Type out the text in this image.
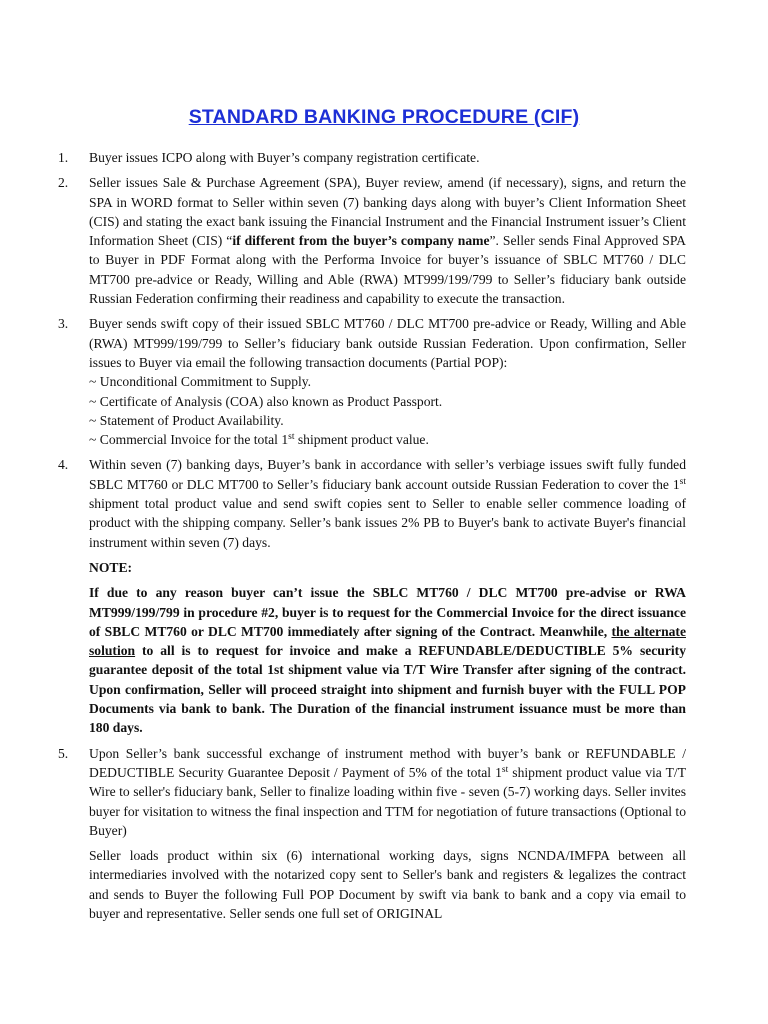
STANDARD BANKING PROCEDURE (CIF)
1.	Buyer issues ICPO along with Buyer’s company registration certificate.
2.	Seller issues Sale & Purchase Agreement (SPA), Buyer review, amend (if necessary), signs, and return the SPA in WORD format to Seller within seven (7) banking days along with buyer’s Client Information Sheet (CIS) and stating the exact bank issuing the Financial Instrument and the Financial Instrument issuer’s Client Information Sheet (CIS) “if different from the buyer’s company name”. Seller sends Final Approved SPA to Buyer in PDF Format along with the Performa Invoice for buyer’s issuance of SBLC MT760 / DLC MT700 pre-advice or Ready, Willing and Able (RWA) MT999/199/799 to Seller’s fiduciary bank outside Russian Federation confirming their readiness and capability to execute the transaction.
3.	Buyer sends swift copy of their issued SBLC MT760 / DLC MT700 pre-advice or Ready, Willing and Able (RWA) MT999/199/799 to Seller’s fiduciary bank outside Russian Federation. Upon confirmation, Seller issues to Buyer via email the following transaction documents (Partial POP):

~ Unconditional Commitment to Supply.
~ Certificate of Analysis (COA) also known as Product Passport.
~ Statement of Product Availability.
~ Commercial Invoice for the total 1st shipment product value.
4.	Within seven (7) banking days, Buyer’s bank in accordance with seller’s verbiage issues swift fully funded SBLC MT760 or DLC MT700 to Seller’s fiduciary bank account outside Russian Federation to cover the 1st shipment total product value and send swift copies sent to Seller to enable seller commence loading of product with the shipping company. Seller’s bank issues 2% PB to Buyer's bank to activate Buyer's financial instrument within seven (7) days.
NOTE:
If due to any reason buyer can’t issue the SBLC MT760 / DLC MT700 pre-advise or RWA MT999/199/799 in procedure #2, buyer is to request for the Commercial Invoice for the direct issuance of SBLC MT760 or DLC MT700 immediately after signing of the Contract. Meanwhile, the alternate solution to all is to request for invoice and make a REFUNDABLE/DEDUCTIBLE 5% security guarantee deposit of the total 1st shipment value via T/T Wire Transfer after signing of the contract. Upon confirmation, Seller will proceed straight into shipment and furnish buyer with the FULL POP Documents via bank to bank. The Duration of the financial instrument issuance must be more than 180 days.
5.	Upon Seller’s bank successful exchange of instrument method with buyer’s bank or REFUNDABLE / DEDUCTIBLE Security Guarantee Deposit / Payment of 5% of the total 1st shipment product value via T/T Wire to seller's fiduciary bank, Seller to finalize loading within five - seven (5-7) working days. Seller invites buyer for visitation to witness the final inspection and TTM for negotiation of future transactions (Optional to Buyer)
Seller loads product within six (6) international working days, signs NCNDA/IMFPA between all intermediaries involved with the notarized copy sent to Seller's bank and registers & legalizes the contract and sends to Buyer the following Full POP Document by swift via bank to bank and a copy via email to buyer and representative. Seller sends one full set of ORIGINAL
